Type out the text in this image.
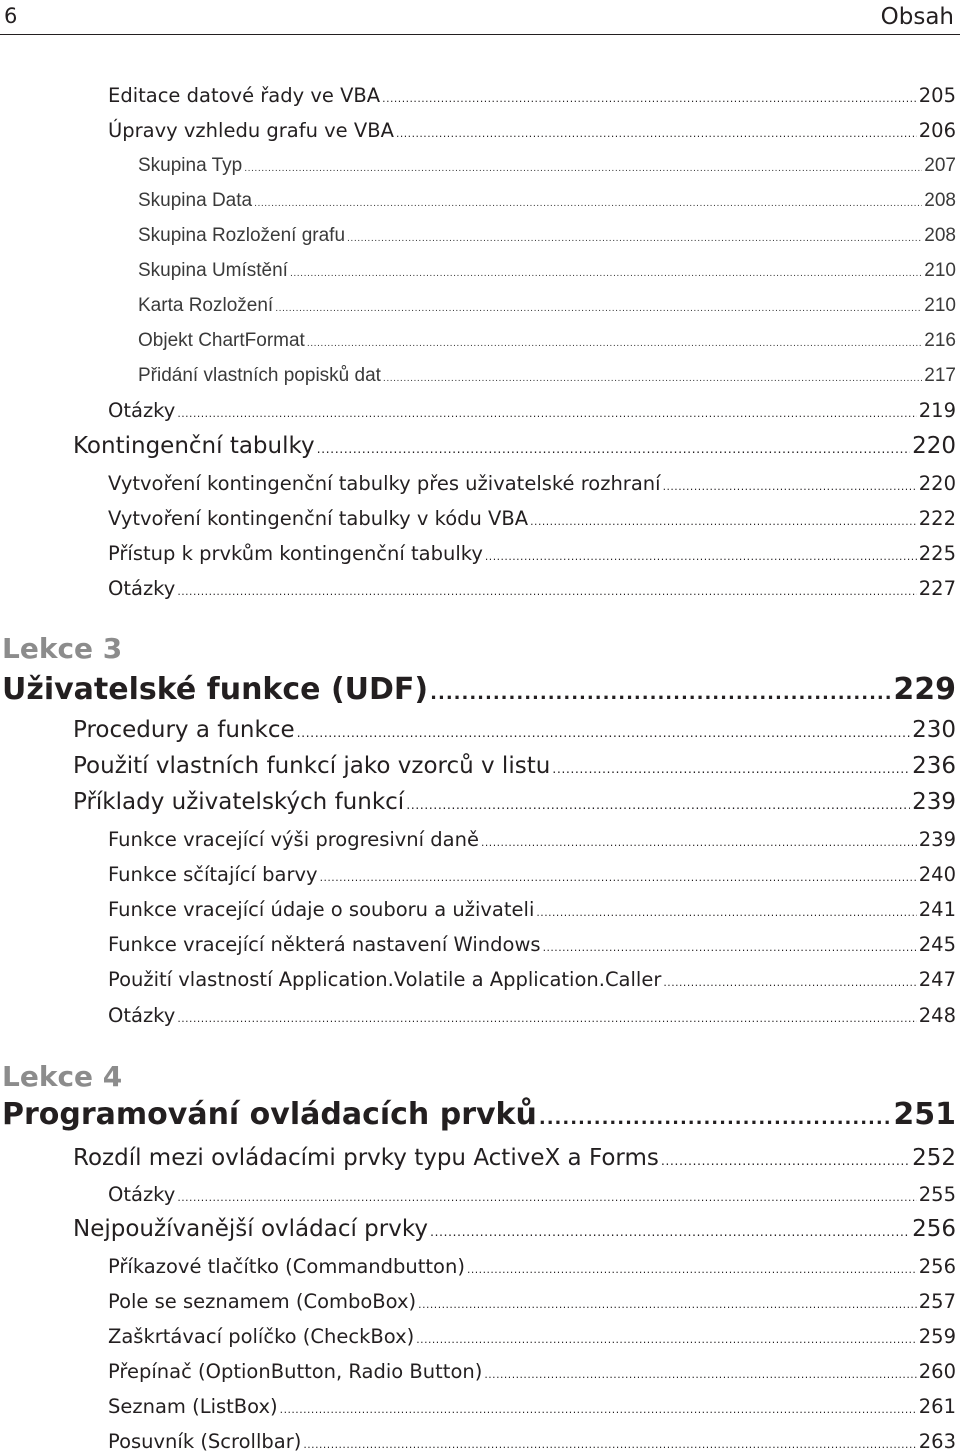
6	Obsah
Editace datové řady ve VBA .....	205
Úpravy vzhledu grafu ve VBA .....	206
Skupina Typ .....	207
Skupina Data .....	208
Skupina Rozložení grafu .....	208
Skupina Umístění .....	210
Karta Rozložení .....	210
Objekt ChartFormat .....	216
Přidání vlastních popisků dat .....	217
Otázky .....	219
Kontingenční tabulky .....	220
Vytvoření kontingenční tabulky přes uživatelské rozhraní .....	220
Vytvoření kontingenční tabulky v kódu VBA .....	222
Přístup k prvkům kontingenční tabulky .....	225
Otázky .....	227
Lekce 3
Uživatelské funkce (UDF) .....	229
Procedury a funkce .....	230
Použití vlastních funkcí jako vzorců v listu .....	236
Příklady uživatelských funkcí .....	239
Funkce vracející výši progresivní daně .....	239
Funkce sčítající barvy .....	240
Funkce vracející údaje o souboru a uživateli .....	241
Funkce vracející některá nastavení Windows .....	245
Použití vlastností Application.Volatile a Application.Caller .....	247
Otázky .....	248
Lekce 4
Programování ovládacích prvků .....	251
Rozdíl mezi ovládacími prvky typu ActiveX a Forms .....	252
Otázky .....	255
Nejpoužívanější ovládací prvky .....	256
Příkazové tlačítko (Commandbutton) .....	256
Pole se seznamem (ComboBox) .....	257
Zaškrtávací políčko (CheckBox) .....	259
Přepínač (OptionButton, Radio Button) .....	260
Seznam (ListBox) .....	261
Posuvník (Scrollbar) .....	263
